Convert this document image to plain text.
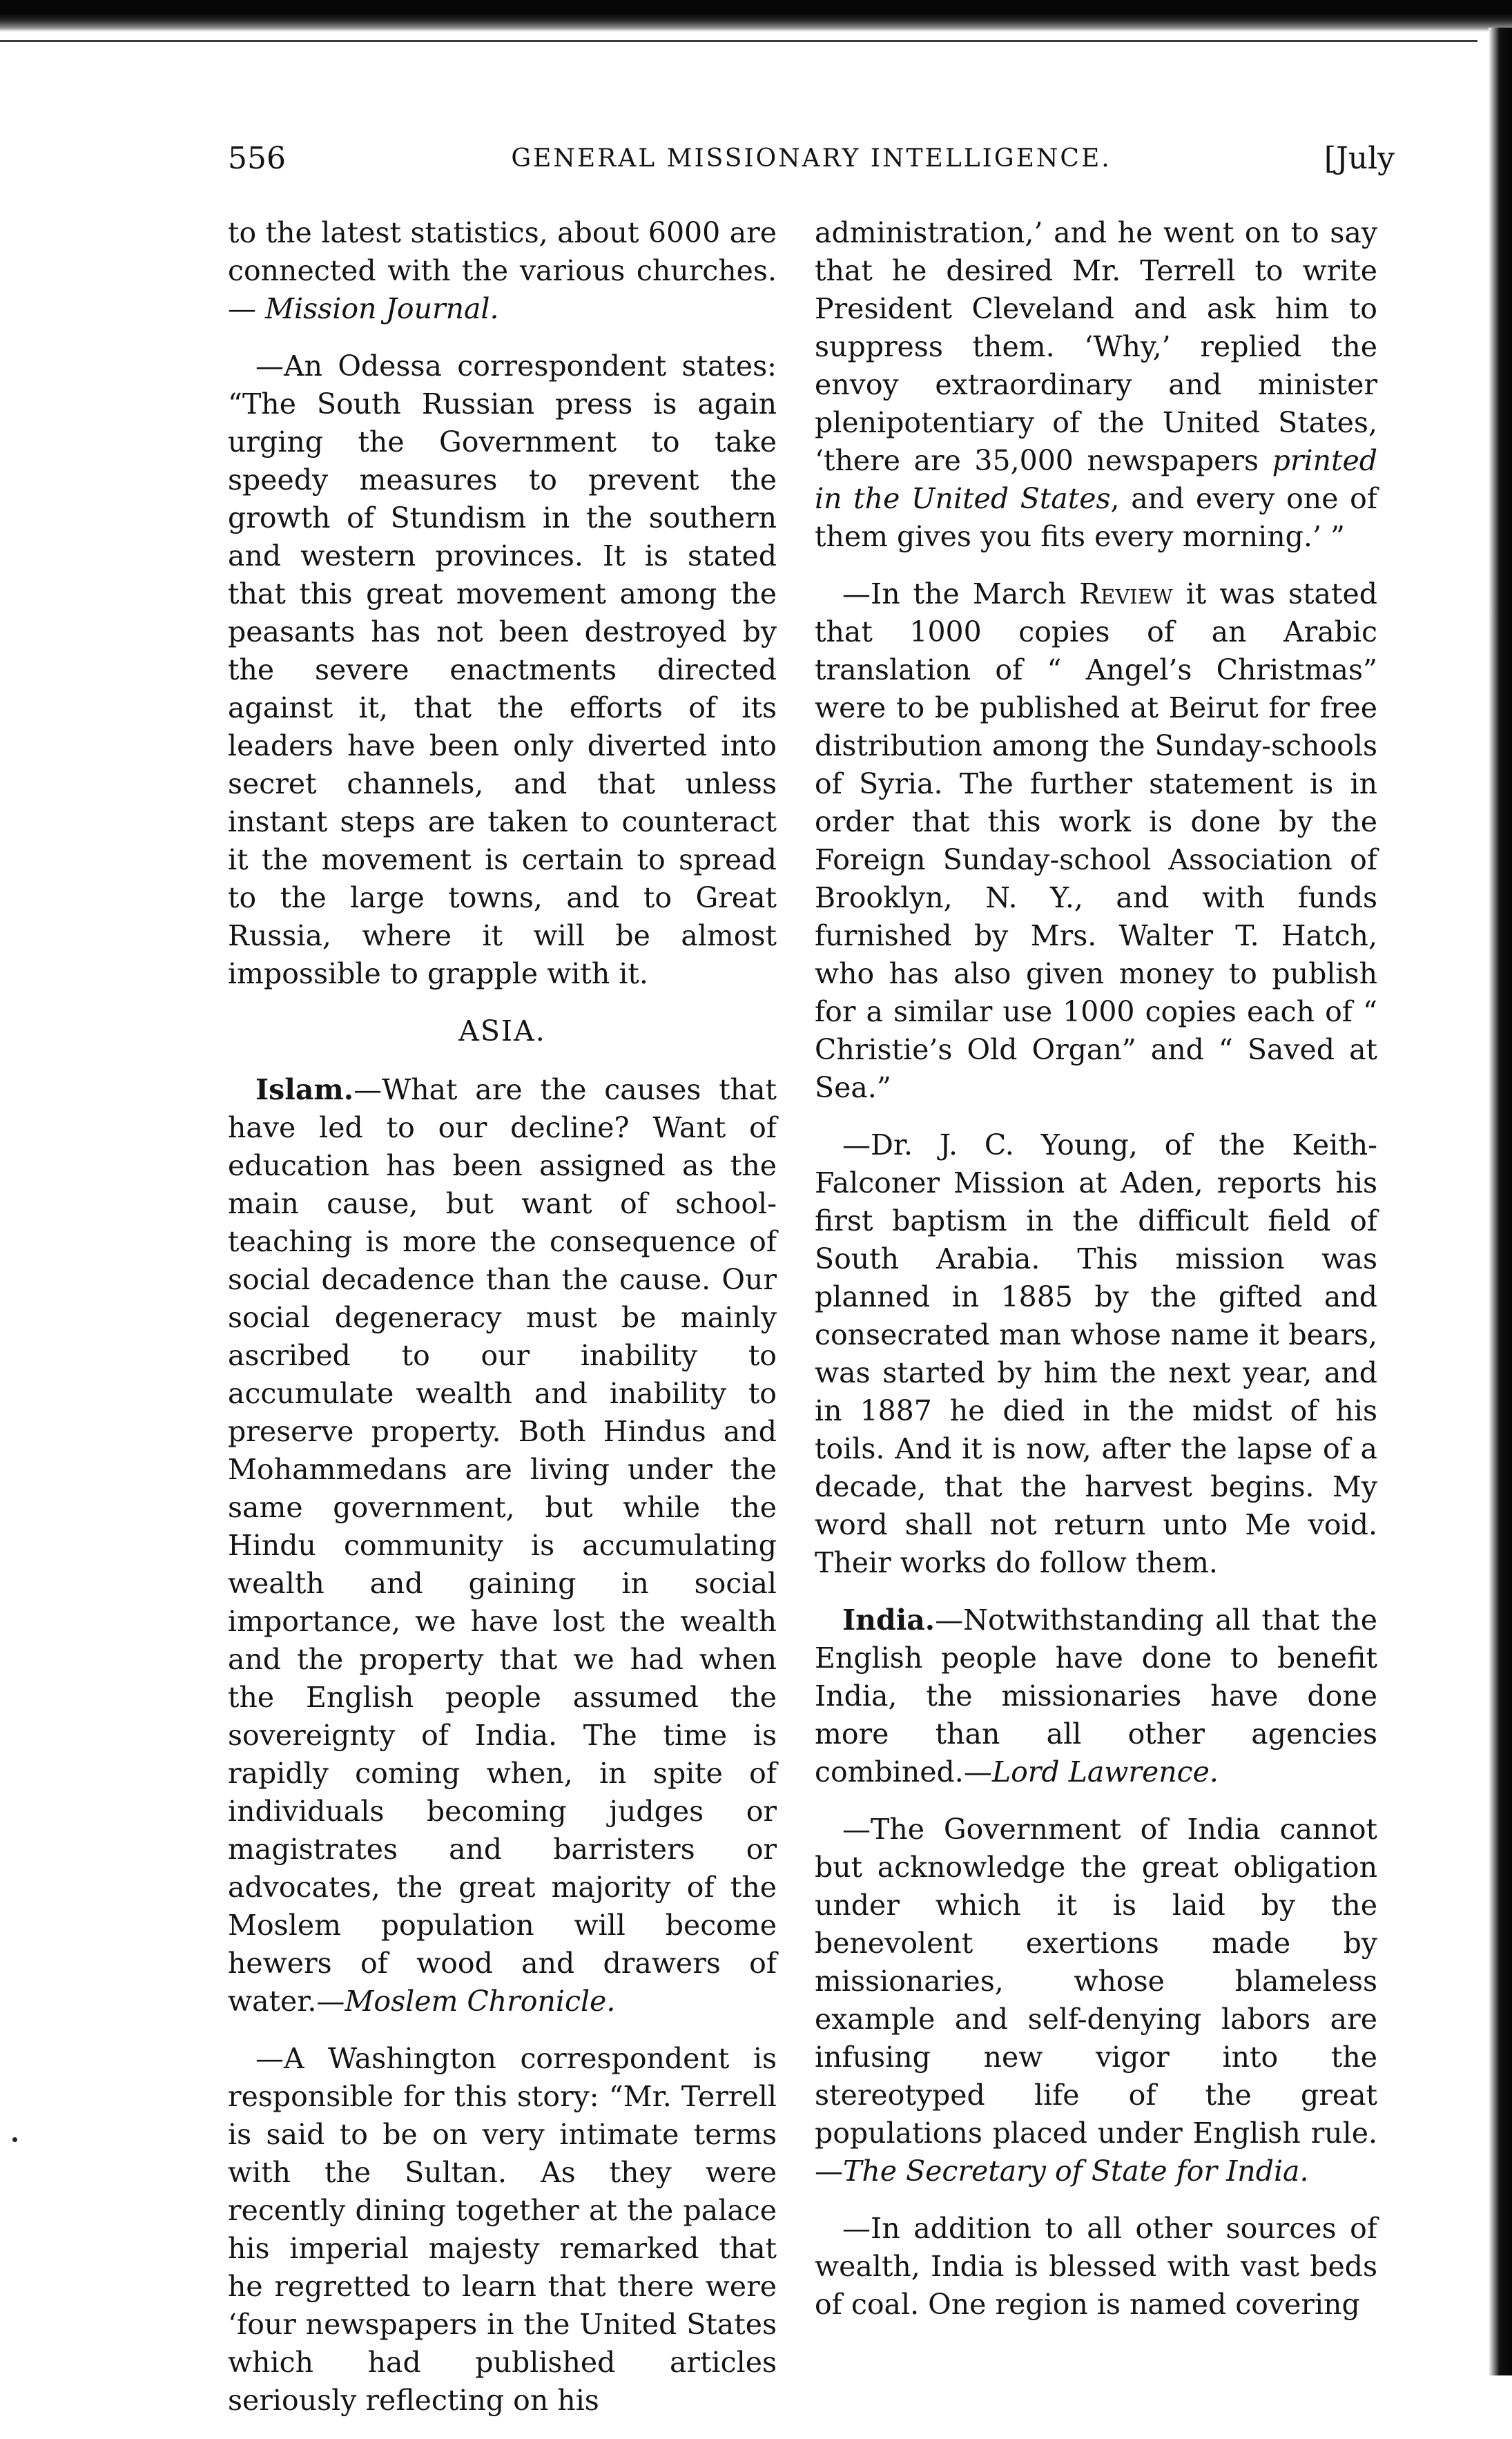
556	GENERAL MISSIONARY INTELLIGENCE.	[July

to the latest statistics, about 6000 are connected with the various churches.— Mission Journal.

—An Odessa correspondent states: “The South Russian press is again urging the Government to take speedy measures to prevent the growth of Stundism in the southern and western provinces. It is stated that this great movement among the peasants has not been destroyed by the severe enactments directed against it, that the efforts of its leaders have been only diverted into secret channels, and that unless instant steps are taken to counteract it the movement is certain to spread to the large towns, and to Great Russia, where it will be almost impossible to grapple with it.

ASIA.

Islam.—What are the causes that have led to our decline? Want of education has been assigned as the main cause, but want of school-teaching is more the consequence of social decadence than the cause. Our social degeneracy must be mainly ascribed to our inability to accumulate wealth and inability to preserve property. Both Hindus and Mohammedans are living under the same government, but while the Hindu community is accumulating wealth and gaining in social importance, we have lost the wealth and the property that we had when the English people assumed the sovereignty of India. The time is rapidly coming when, in spite of individuals becoming judges or magistrates and barristers or advocates, the great majority of the Moslem population will become hewers of wood and drawers of water.—Moslem Chronicle.

—A Washington correspondent is responsible for this story: “Mr. Terrell is said to be on very intimate terms with the Sultan. As they were recently dining together at the palace his imperial majesty remarked that he regretted to learn that there were ‘four newspapers in the United States which had published articles seriously reflecting on his

administration,’ and he went on to say that he desired Mr. Terrell to write President Cleveland and ask him to suppress them. ‘Why,’ replied the envoy extraordinary and minister plenipotentiary of the United States, ‘there are 35,000 newspapers printed in the United States, and every one of them gives you fits every morning.’ ”

—In the March Review it was stated that 1000 copies of an Arabic translation of “ Angel’s Christmas” were to be published at Beirut for free distribution among the Sunday-schools of Syria. The further statement is in order that this work is done by the Foreign Sunday-school Association of Brooklyn, N. Y., and with funds furnished by Mrs. Walter T. Hatch, who has also given money to publish for a similar use 1000 copies each of “ Christie’s Old Organ” and “ Saved at Sea.”

—Dr. J. C. Young, of the Keith-Falconer Mission at Aden, reports his first baptism in the difficult field of South Arabia. This mission was planned in 1885 by the gifted and consecrated man whose name it bears, was started by him the next year, and in 1887 he died in the midst of his toils. And it is now, after the lapse of a decade, that the harvest begins. My word shall not return unto Me void. Their works do follow them.

India.—Notwithstanding all that the English people have done to benefit India, the missionaries have done more than all other agencies combined.—Lord Lawrence.

—The Government of India cannot but acknowledge the great obligation under which it is laid by the benevolent exertions made by missionaries, whose blameless example and self-denying labors are infusing new vigor into the stereotyped life of the great populations placed under English rule.—The Secretary of State for India.

—In addition to all other sources of wealth, India is blessed with vast beds of coal. One region is named covering
